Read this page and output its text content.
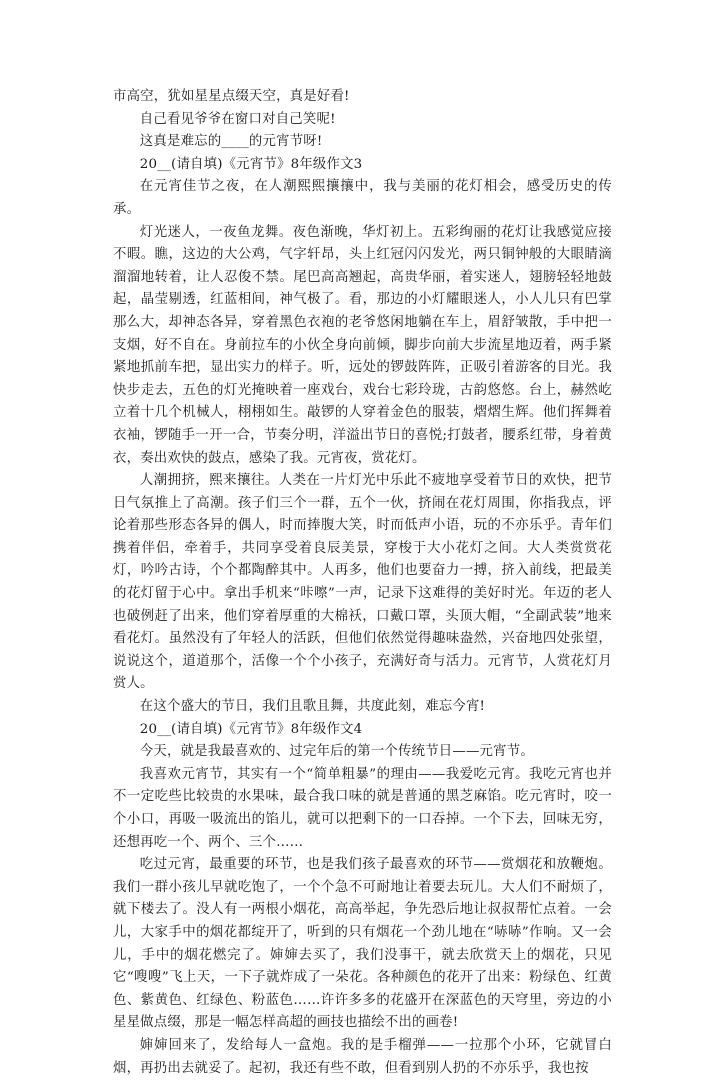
市高空，犹如星星点缀天空，真是好看!

自己看见爷爷在窗口对自己笑呢!

这真是难忘的____的元宵节呀!

20__(请自填)《元宵节》8年级作文3

在元宵佳节之夜，在人潮熙熙攘攘中，我与美丽的花灯相会，感受历史的传承。

灯光迷人，一夜鱼龙舞。夜色渐晚，华灯初上。五彩绚丽的花灯让我感觉应接不暇。瞧，这边的大公鸡，气字轩昂，头上红冠闪闪发光，两只铜钟般的大眼睛滴溜溜地转着，让人忍俊不禁。尾巴高高翘起，高贵华丽，着实迷人，翅膀轻轻地鼓起，晶莹剔透，红蓝相间，神气极了。看，那边的小灯耀眼迷人，小人儿只有巴掌那么大，却神态各异，穿着黑色衣袍的老爷悠闲地躺在车上，眉舒皱散，手中把一支烟，好不自在。身前拉车的小伙全身向前倾，脚步向前大步流星地迈着，两手紧紧地抓前车把，显出实力的样子。听，远处的锣鼓阵阵，正吸引着游客的目光。我快步走去，五色的灯光掩映着一座戏台，戏台七彩玲珑，古韵悠悠。台上，赫然屹立着十几个机械人，栩栩如生。敲锣的人穿着金色的服装，熠熠生辉。他们挥舞着衣袖，锣随手一开一合，节奏分明，洋溢出节日的喜悦;打鼓者，腰系红带，身着黄衣，奏出欢快的鼓点，感染了我。元宵夜，赏花灯。

人潮拥挤，熙来攘往。人类在一片灯光中乐此不疲地享受着节日的欢快，把节日气氛推上了高潮。孩子们三个一群，五个一伙，挤闹在花灯周围，你指我点，评论着那些形态各异的偶人，时而捧腹大笑，时而低声小语，玩的不亦乐乎。青年们携着伴侣，牵着手，共同享受着良辰美景，穿梭于大小花灯之间。大人类赏赏花灯，吟吟古诗，个个都陶醉其中。人再多，他们也要奋力一搏，挤入前线，把最美的花灯留于心中。拿出手机来“咔嚓”一声，记录下这难得的美好时光。年迈的老人也破例赶了出来，他们穿着厚重的大棉袄，口戴口罩，头顶大帽，“全副武装”地来看花灯。虽然没有了年轻人的活跃，但他们依然觉得趣味盎然，兴奋地四处张望，说说这个，道道那个，活像一个个小孩子，充满好奇与活力。元宵节，人赏花灯月赏人。

在这个盛大的节日，我们且歌且舞，共度此刻，难忘今宵!

20__(请自填)《元宵节》8年级作文4

今天，就是我最喜欢的、过完年后的第一个传统节日——元宵节。

我喜欢元宵节，其实有一个“简单粗暴”的理由——我爱吃元宵。我吃元宵也并不一定吃些比较贵的水果味，最合我口味的就是普通的黑芝麻馅。吃元宵时，咬一个小口，再吸一吸流出的馅儿，就可以把剩下的一口吞掉。一个下去，回味无穷，还想再吃一个、两个、三个……

吃过元宵，最重要的环节，也是我们孩子最喜欢的环节——赏烟花和放鞭炮。我们一群小孩儿早就吃饱了，一个个急不可耐地让着要去玩儿。大人们不耐烦了，就下楼去了。没人有一两根小烟花，高高举起，争先恐后地让叔叔帮忙点着。一会儿，大家手中的烟花都绽开了，听到的只有烟花一个劲儿地在“哧哧”作响。又一会儿，手中的烟花燃完了。婶婶去买了，我们没事干，就去欣赏天上的烟花，只见它“嗖嗖”飞上天，一下子就炸成了一朵花。各种颜色的花开了出来：粉绿色、红黄色、紫黄色、红绿色、粉蓝色……许许多多的花盛开在深蓝色的天穹里，旁边的小星星做点缀，那是一幅怎样高超的画技也描绘不出的画卷!

婶婶回来了，发给每人一盒炮。我的是手榴弹——一拉那个小环，它就冒白烟，再扔出去就妥了。起初，我还有些不敢，但看到别人扔的不亦乐乎，我也按
